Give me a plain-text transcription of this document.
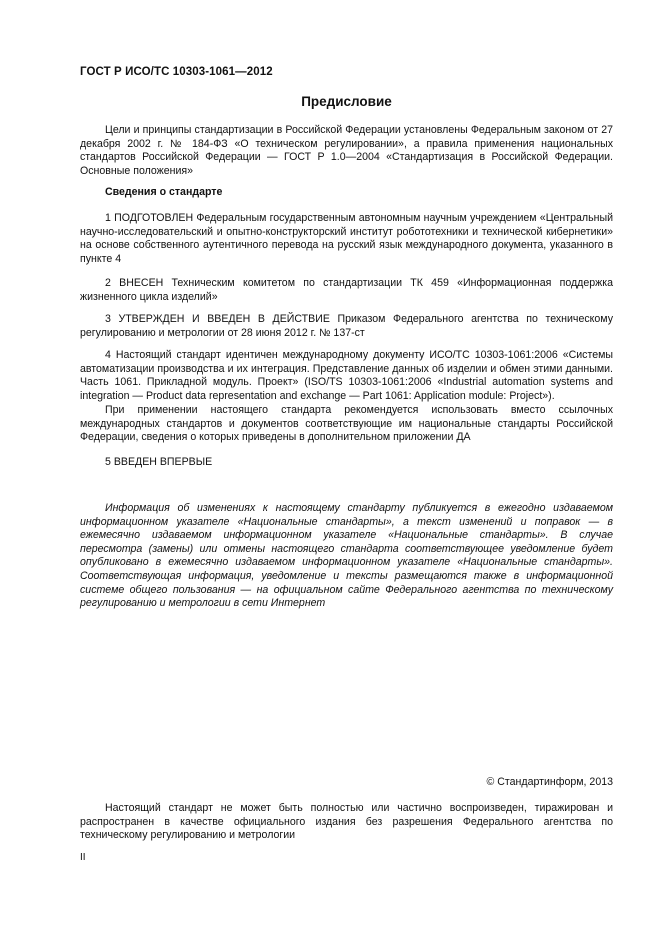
ГОСТ Р ИСО/ТС 10303-1061—2012
Предисловие

Цели и принципы стандартизации в Российской Федерации установлены Федеральным законом от 27 декабря 2002 г. № 184-ФЗ «О техническом регулировании», а правила применения национальных стандартов Российской Федерации — ГОСТ Р 1.0—2004 «Стандартизация в Российской Федерации. Основные положения»

Сведения о стандарте

1 ПОДГОТОВЛЕН Федеральным государственным автономным научным учреждением «Центральный научно-исследовательский и опытно-конструкторский институт робототехники и технической кибернетики» на основе собственного аутентичного перевода на русский язык международного документа, указанного в пункте 4

2 ВНЕСЕН Техническим комитетом по стандартизации ТК 459 «Информационная поддержка жизненного цикла изделий»

3 УТВЕРЖДЕН И ВВЕДЕН В ДЕЙСТВИЕ Приказом Федерального агентства по техническому регулированию и метрологии от 28 июня 2012 г. № 137-ст

4 Настоящий стандарт идентичен международному документу ИСО/ТС 10303-1061:2006 «Системы автоматизации производства и их интеграция. Представление данных об изделии и обмен этими данными. Часть 1061. Прикладной модуль. Проект» (ISO/TS 10303-1061:2006 «Industrial automation systems and integration — Product data representation and exchange — Part 1061: Application module: Project»).

При применении настоящего стандарта рекомендуется использовать вместо ссылочных международных стандартов и документов соответствующие им национальные стандарты Российской Федерации, сведения о которых приведены в дополнительном приложении ДА

5 ВВЕДЕН ВПЕРВЫЕ

Информация об изменениях к настоящему стандарту публикуется в ежегодно издаваемом информационном указателе «Национальные стандарты», а текст изменений и поправок — в ежемесячно издаваемом информационном указателе «Национальные стандарты». В случае пересмотра (замены) или отмены настоящего стандарта соответствующее уведомление будет опубликовано в ежемесячно издаваемом информационном указателе «Национальные стандарты». Соответствующая информация, уведомление и тексты размещаются также в информационной системе общего пользования — на официальном сайте Федерального агентства по техническому регулированию и метрологии в сети Интернет

© Стандартинформ, 2013

Настоящий стандарт не может быть полностью или частично воспроизведен, тиражирован и распространен в качестве официального издания без разрешения Федерального агентства по техническому регулированию и метрологии

II
